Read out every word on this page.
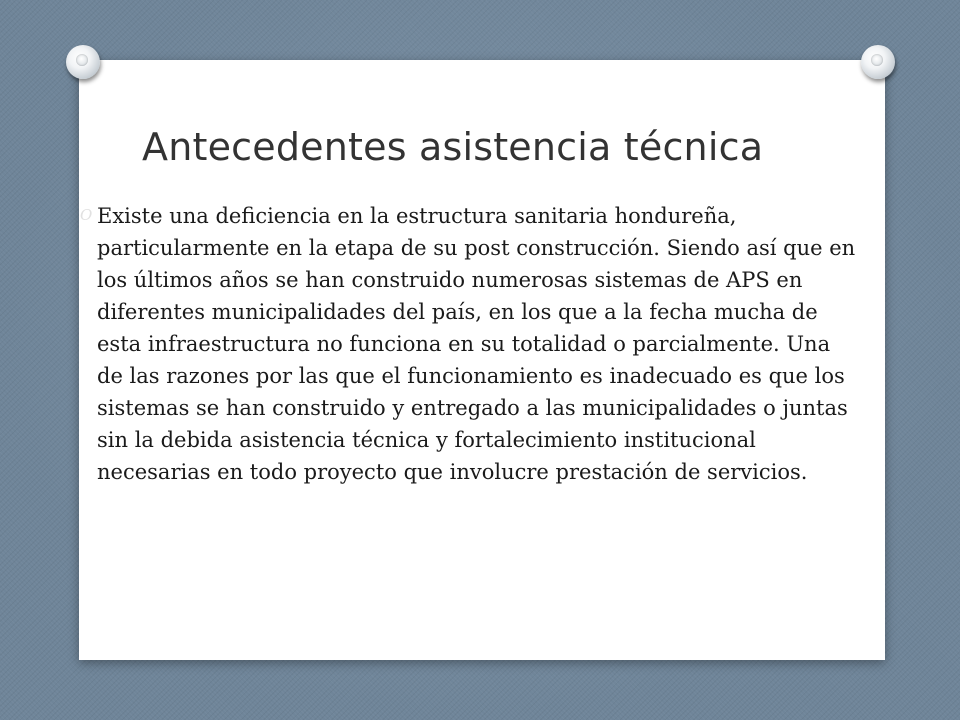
Antecedentes asistencia técnica
O Existe una deficiencia en la estructura sanitaria hondureña, particularmente en la etapa de su post construcción. Siendo así que en los últimos años se han construido numerosas sistemas de APS en diferentes municipalidades del país, en los que a la fecha mucha de esta infraestructura no funciona en su totalidad o parcialmente. Una de las razones por las que el funcionamiento es inadecuado es que los sistemas se han construido y entregado a las municipalidades o juntas sin la debida asistencia técnica y fortalecimiento institucional necesarias en todo proyecto que involucre prestación de servicios.
